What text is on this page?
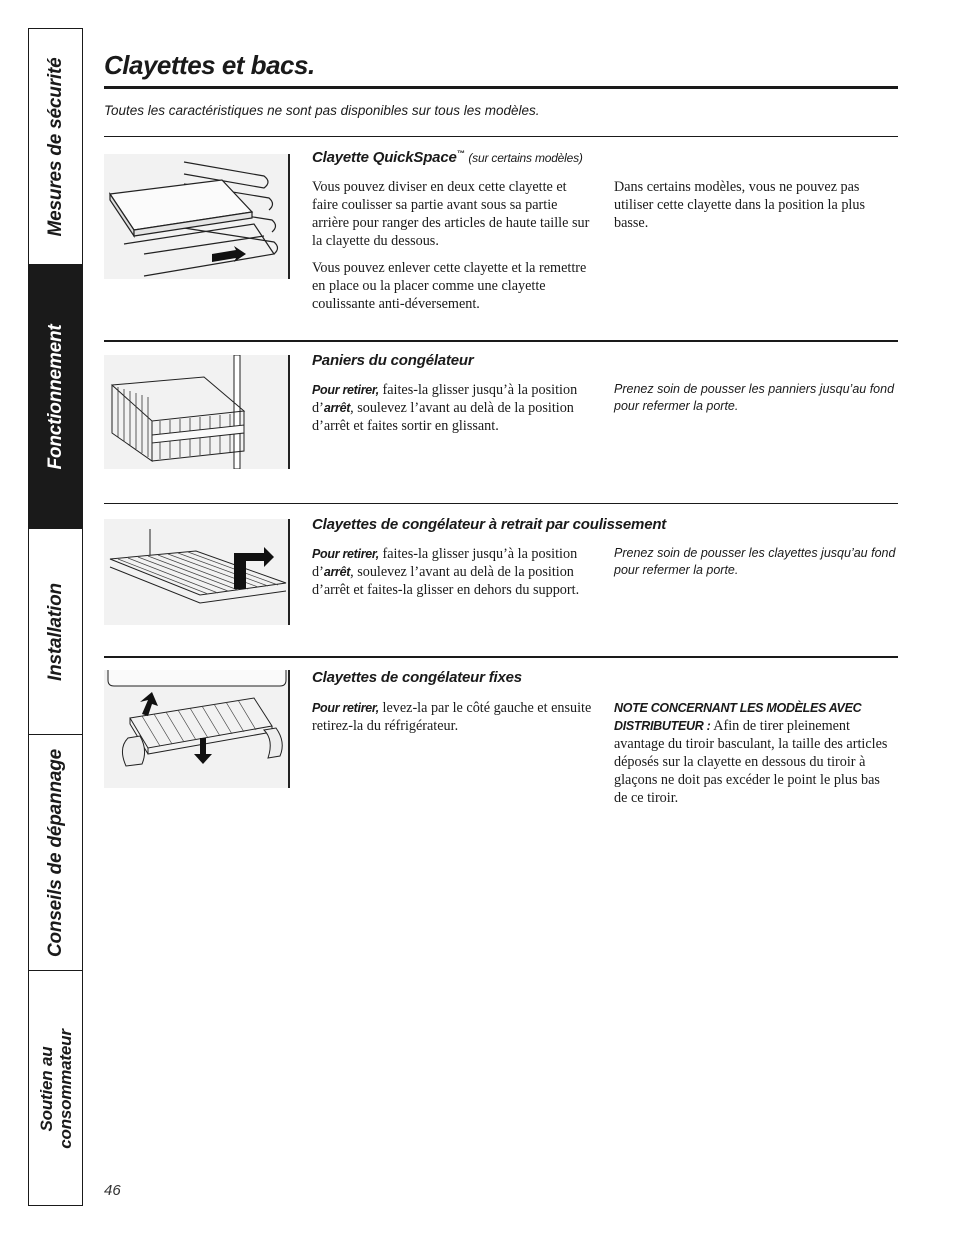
Mesures de sécurité
Fonctionnement
Installation
Conseils de dépannage
Soutien au
consommateur
Clayettes et bacs.

Toutes les caractéristiques ne sont pas disponibles sur tous les modèles.

Clayette QuickSpace™ (sur certains modèles)

Vous pouvez diviser en deux cette clayette et faire coulisser sa partie avant sous sa partie arrière pour ranger des articles de haute taille sur la clayette du dessous.

Vous pouvez enlever cette clayette et la remettre en place ou la placer comme une clayette coulissante anti-déversement.

Dans certains modèles, vous ne pouvez pas utiliser cette clayette dans la position la plus basse.

Paniers du congélateur

Pour retirer, faites-la glisser jusqu’à la position d’arrêt, soulevez l’avant au delà de la position d’arrêt et faites sortir en glissant.

Prenez soin de pousser les panniers jusqu’au fond pour refermer la porte.
Clayettes de congélateur à retrait par coulissement

Pour retirer, faites-la glisser jusqu’à la position d’arrêt, soulevez l’avant au delà de la position d’arrêt et faites-la glisser en dehors du support.

Prenez soin de pousser les clayettes jusqu’au fond pour refermer la porte.
Clayettes de congélateur fixes

Pour retirer, levez-la par le côté gauche et ensuite retirez-la du réfrigérateur.

NOTE CONCERNANT LES MODÈLES AVEC DISTRIBUTEUR : Afin de tirer pleinement avantage du tiroir basculant, la taille des articles déposés sur la clayette en dessous du tiroir à glaçons ne doit pas excéder le point le plus bas de ce tiroir.

46
